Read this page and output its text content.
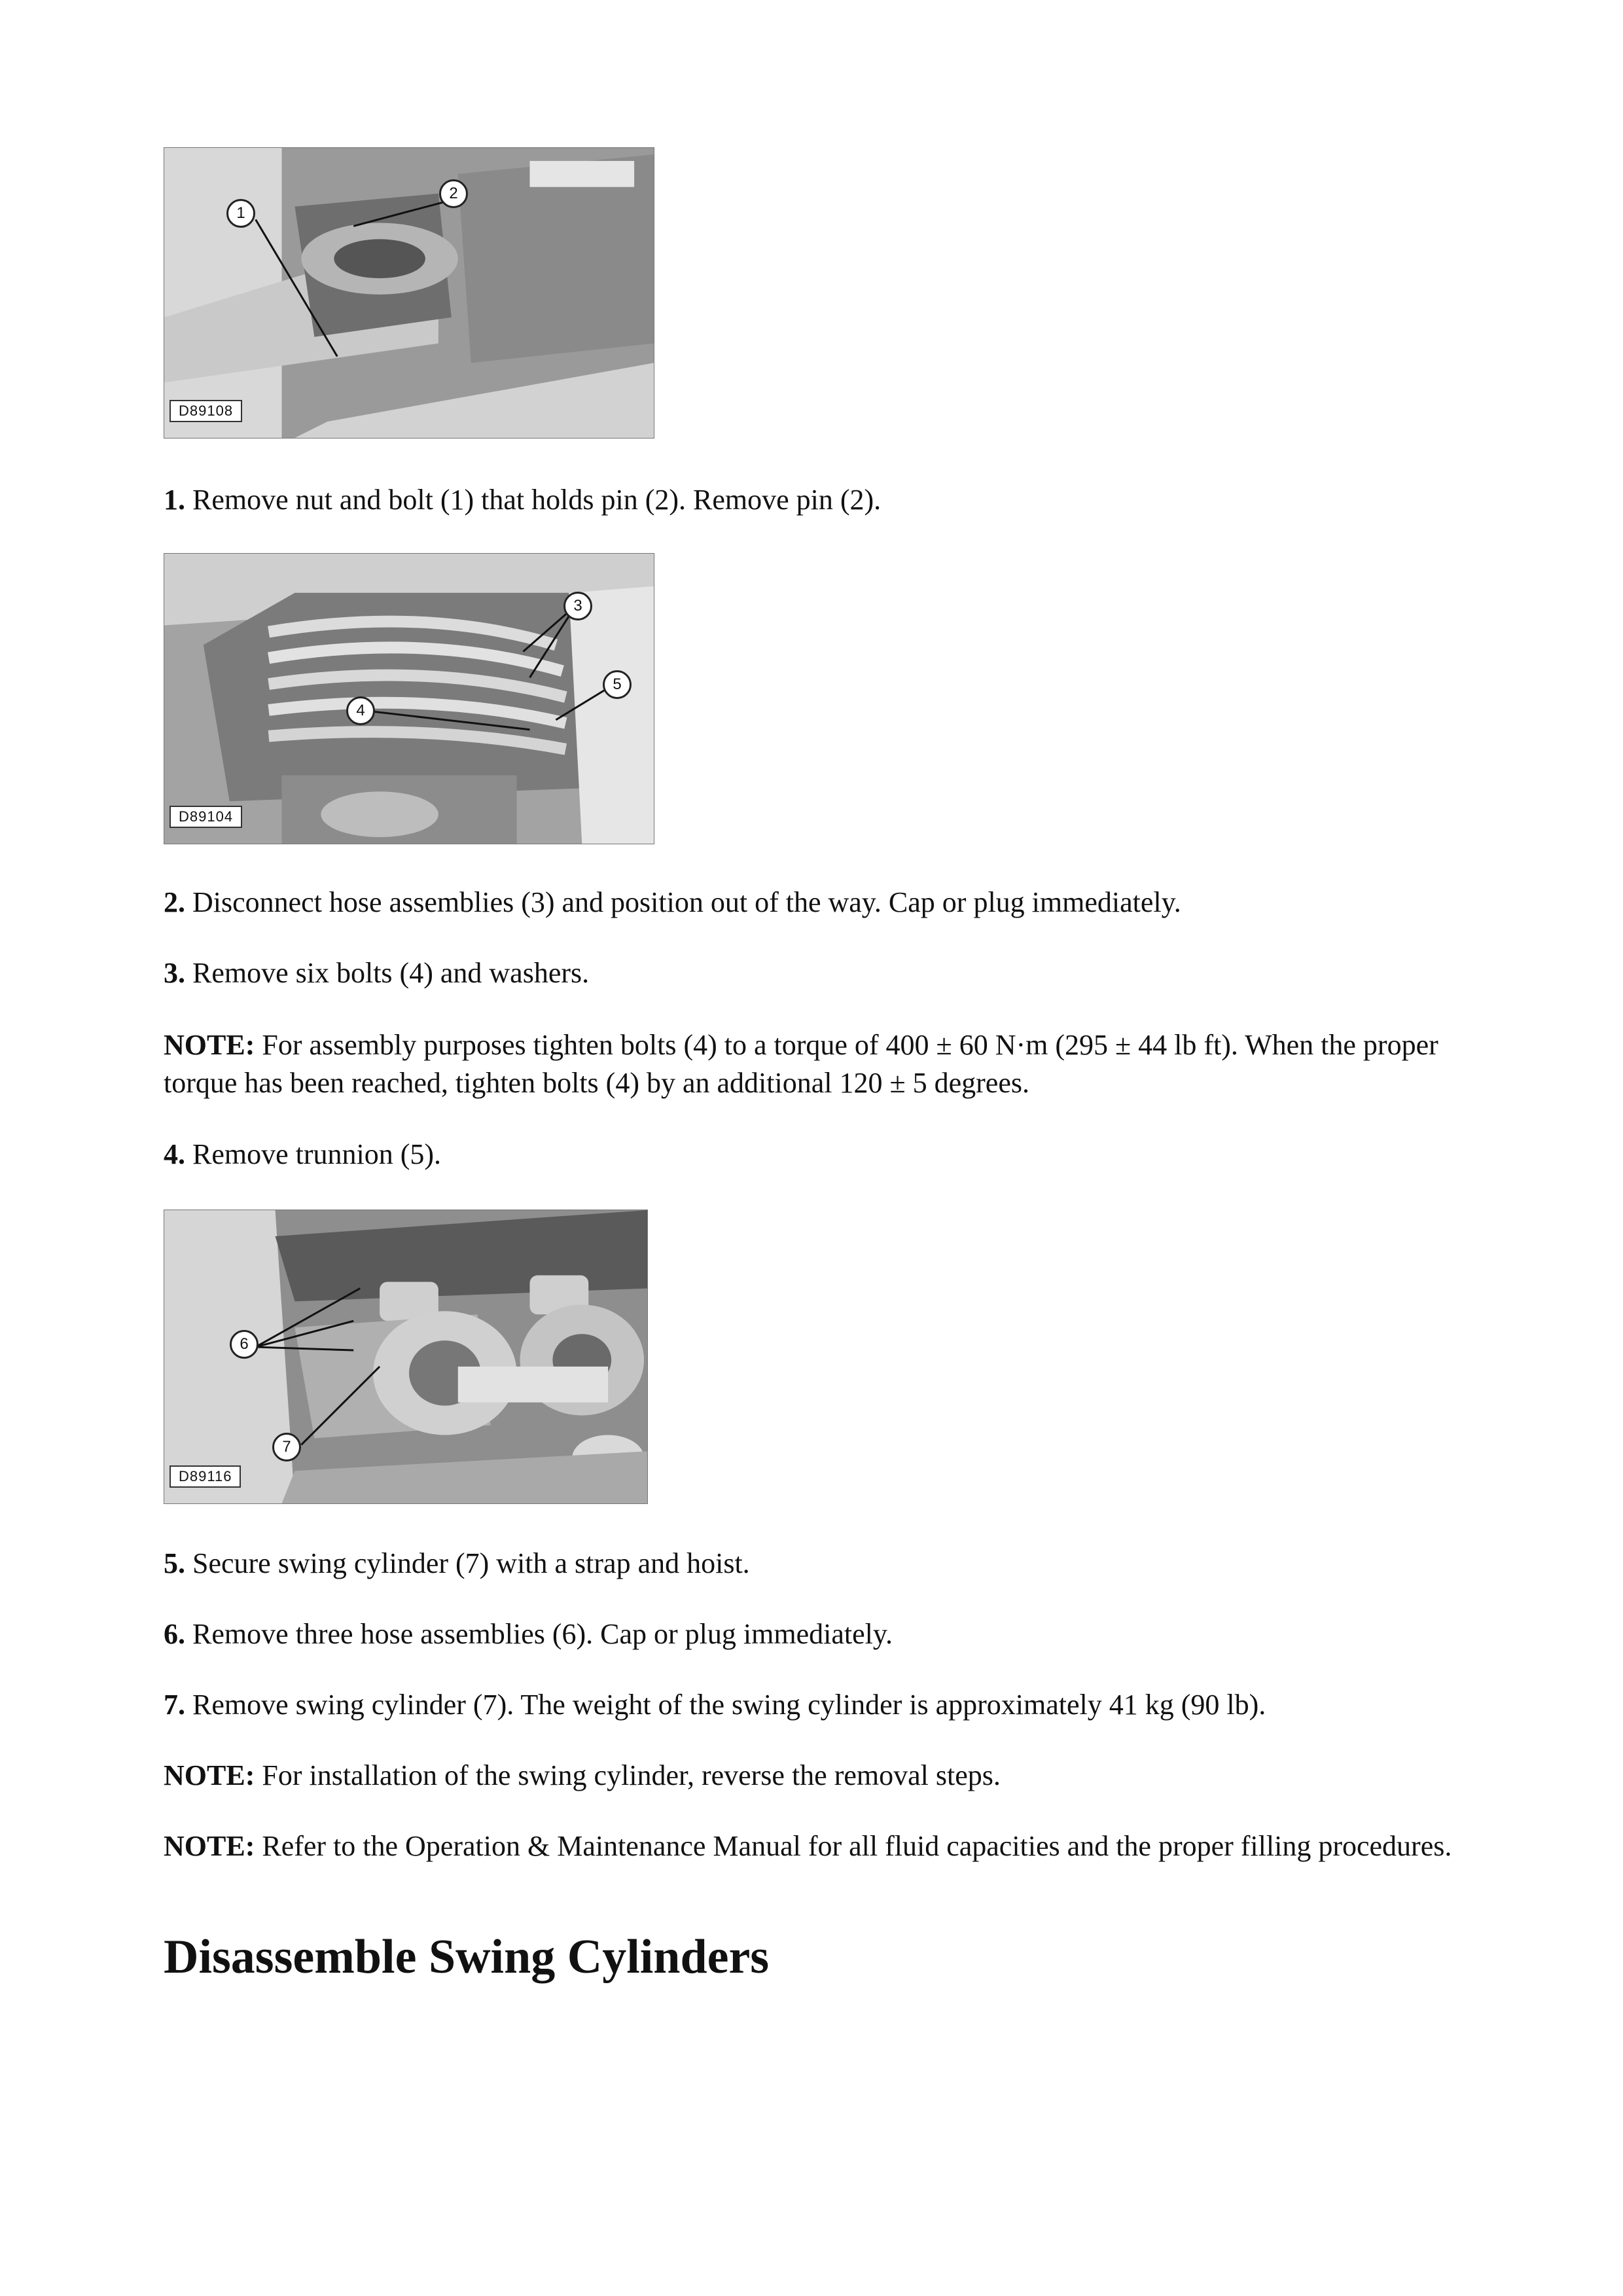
1
2
D89108

1. Remove nut and bolt (1) that holds pin (2). Remove pin (2).

3
4
5
D89104

2. Disconnect hose assemblies (3) and position out of the way. Cap or plug immediately.

3. Remove six bolts (4) and washers.

NOTE: For assembly purposes tighten bolts (4) to a torque of 400 ± 60 N·m (295 ± 44 lb ft). When the proper torque has been reached, tighten bolts (4) by an additional 120 ± 5 degrees.

4. Remove trunnion (5).

6
7
D89116

5. Secure swing cylinder (7) with a strap and hoist.

6. Remove three hose assemblies (6). Cap or plug immediately.

7. Remove swing cylinder (7). The weight of the swing cylinder is approximately 41 kg (90 lb).

NOTE: For installation of the swing cylinder, reverse the removal steps.

NOTE: Refer to the Operation & Maintenance Manual for all fluid capacities and the proper filling procedures.

Disassemble Swing Cylinders
